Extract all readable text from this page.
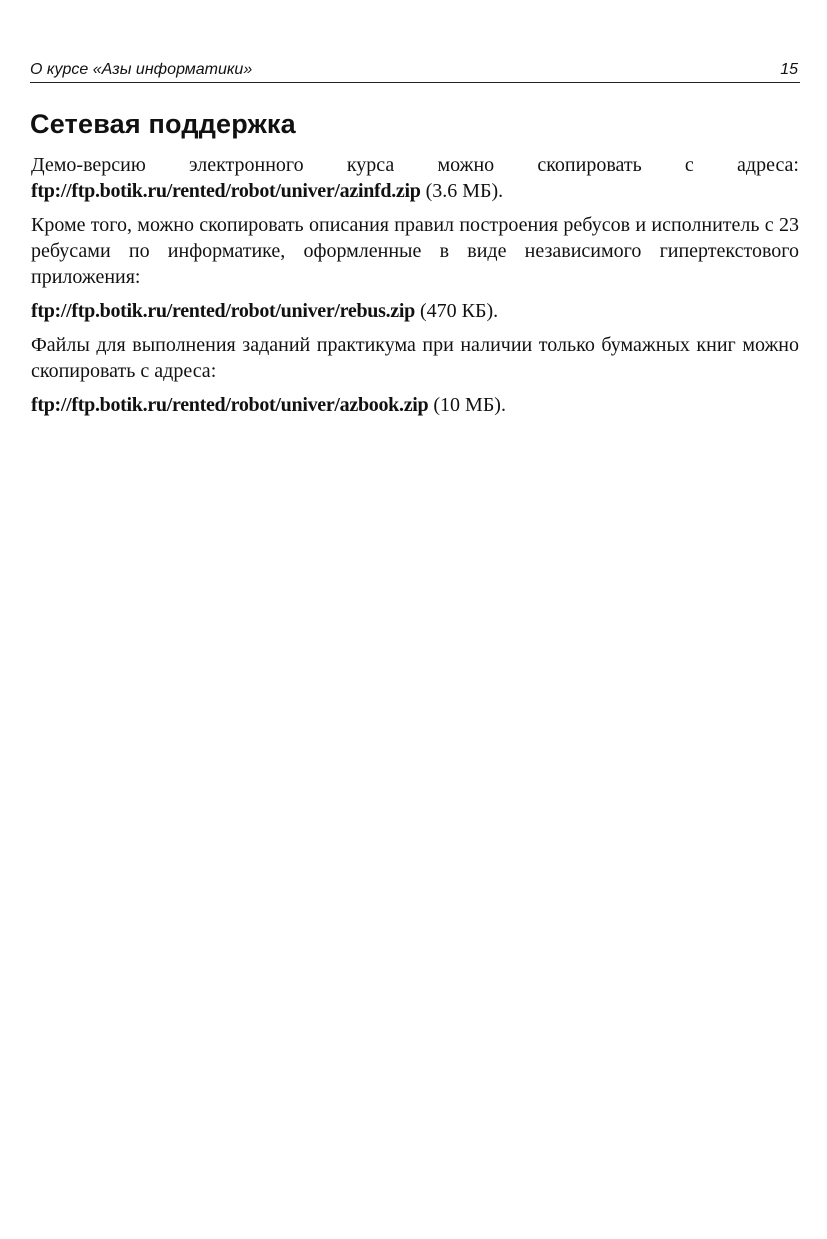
О курсе «Азы информатики»	15
Сетевая поддержка

Демо-версию электронного курса можно скопировать с адреса:

ftp://ftp.botik.ru/rented/robot/univer/azinfd.zip (3.6 МБ).

Кроме того, можно скопировать описания правил построения ребусов и исполнитель с 23 ребусами по информатике, оформленные в виде независимого гипертекстового приложения:

ftp://ftp.botik.ru/rented/robot/univer/rebus.zip (470 КБ).

Файлы для выполнения заданий практикума при наличии только бумажных книг можно скопировать с адреса:

ftp://ftp.botik.ru/rented/robot/univer/azbook.zip (10 МБ).
